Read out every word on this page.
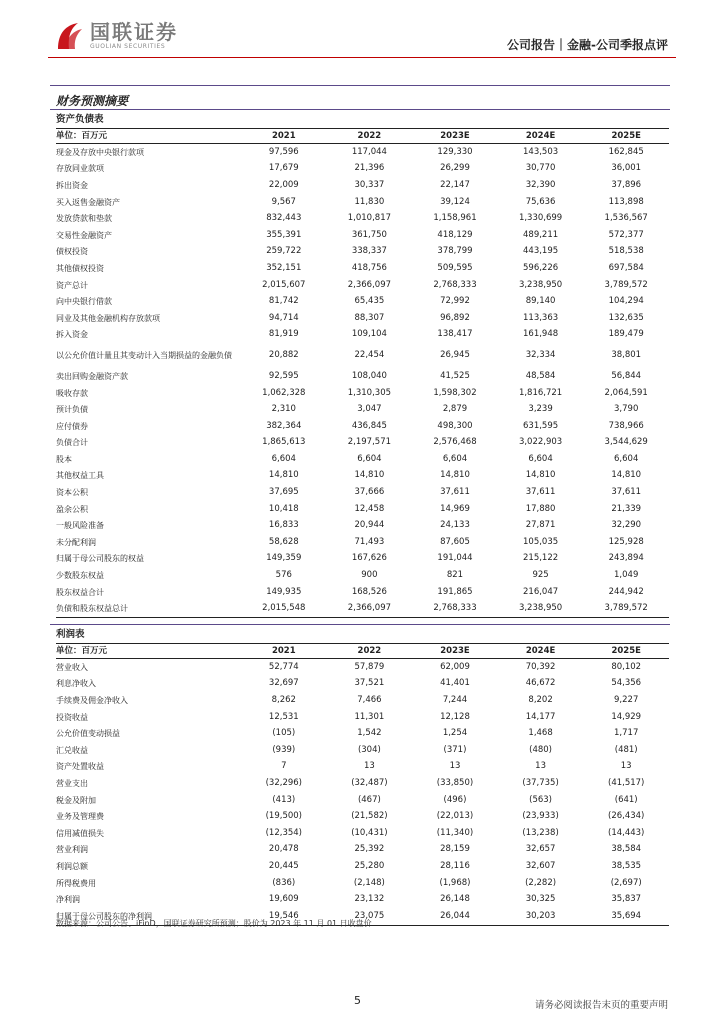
国联证券
GUOLIAN SECURITIES	公司报告｜金融-公司季报点评
财务预测摘要
资产负债表
单位：百万元	2021	2022	2023E	2024E	2025E
现金及存放中央银行款项	97,596	117,044	129,330	143,503	162,845
存放同业款项	17,679	21,396	26,299	30,770	36,001
拆出资金	22,009	30,337	22,147	32,390	37,896
买入返售金融资产	9,567	11,830	39,124	75,636	113,898
发放贷款和垫款	832,443	1,010,817	1,158,961	1,330,699	1,536,567
交易性金融资产	355,391	361,750	418,129	489,211	572,377
债权投资	259,722	338,337	378,799	443,195	518,538
其他债权投资	352,151	418,756	509,595	596,226	697,584
资产总计	2,015,607	2,366,097	2,768,333	3,238,950	3,789,572
向中央银行借款	81,742	65,435	72,992	89,140	104,294
同业及其他金融机构存放款项	94,714	88,307	96,892	113,363	132,635
拆入资金	81,919	109,104	138,417	161,948	189,479
以公允价值计量且其变动计入当期损益的金融负债	20,882	22,454	26,945	32,334	38,801
卖出回购金融资产款	92,595	108,040	41,525	48,584	56,844
吸收存款	1,062,328	1,310,305	1,598,302	1,816,721	2,064,591
预计负债	2,310	3,047	2,879	3,239	3,790
应付债券	382,364	436,845	498,300	631,595	738,966
负债合计	1,865,613	2,197,571	2,576,468	3,022,903	3,544,629
股本	6,604	6,604	6,604	6,604	6,604
其他权益工具	14,810	14,810	14,810	14,810	14,810
资本公积	37,695	37,666	37,611	37,611	37,611
盈余公积	10,418	12,458	14,969	17,880	21,339
一般风险准备	16,833	20,944	24,133	27,871	32,290
未分配利润	58,628	71,493	87,605	105,035	125,928
归属于母公司股东的权益	149,359	167,626	191,044	215,122	243,894
少数股东权益	576	900	821	925	1,049
股东权益合计	149,935	168,526	191,865	216,047	244,942
负债和股东权益总计	2,015,548	2,366,097	2,768,333	3,238,950	3,789,572
利润表
单位：百万元	2021	2022	2023E	2024E	2025E
营业收入	52,774	57,879	62,009	70,392	80,102
利息净收入	32,697	37,521	41,401	46,672	54,356
手续费及佣金净收入	8,262	7,466	7,244	8,202	9,227
投资收益	12,531	11,301	12,128	14,177	14,929
公允价值变动损益	(105)	1,542	1,254	1,468	1,717
汇兑收益	(939)	(304)	(371)	(480)	(481)
资产处置收益	7	13	13	13	13
营业支出	(32,296)	(32,487)	(33,850)	(37,735)	(41,517)
税金及附加	(413)	(467)	(496)	(563)	(641)
业务及管理费	(19,500)	(21,582)	(22,013)	(23,933)	(26,434)
信用减值损失	(12,354)	(10,431)	(11,340)	(13,238)	(14,443)
营业利润	20,478	25,392	28,159	32,657	38,584
利润总额	20,445	25,280	28,116	32,607	38,535
所得税费用	(836)	(2,148)	(1,968)	(2,282)	(2,697)
净利润	19,609	23,132	26,148	30,325	35,837
归属于母公司股东的净利润	19,546	23,075	26,044	30,203	35,694
数据来源：公司公告、iFinD，国联证券研究所预测；股价为 2023 年 11 月 01 日收盘价
5	请务必阅读报告末页的重要声明
